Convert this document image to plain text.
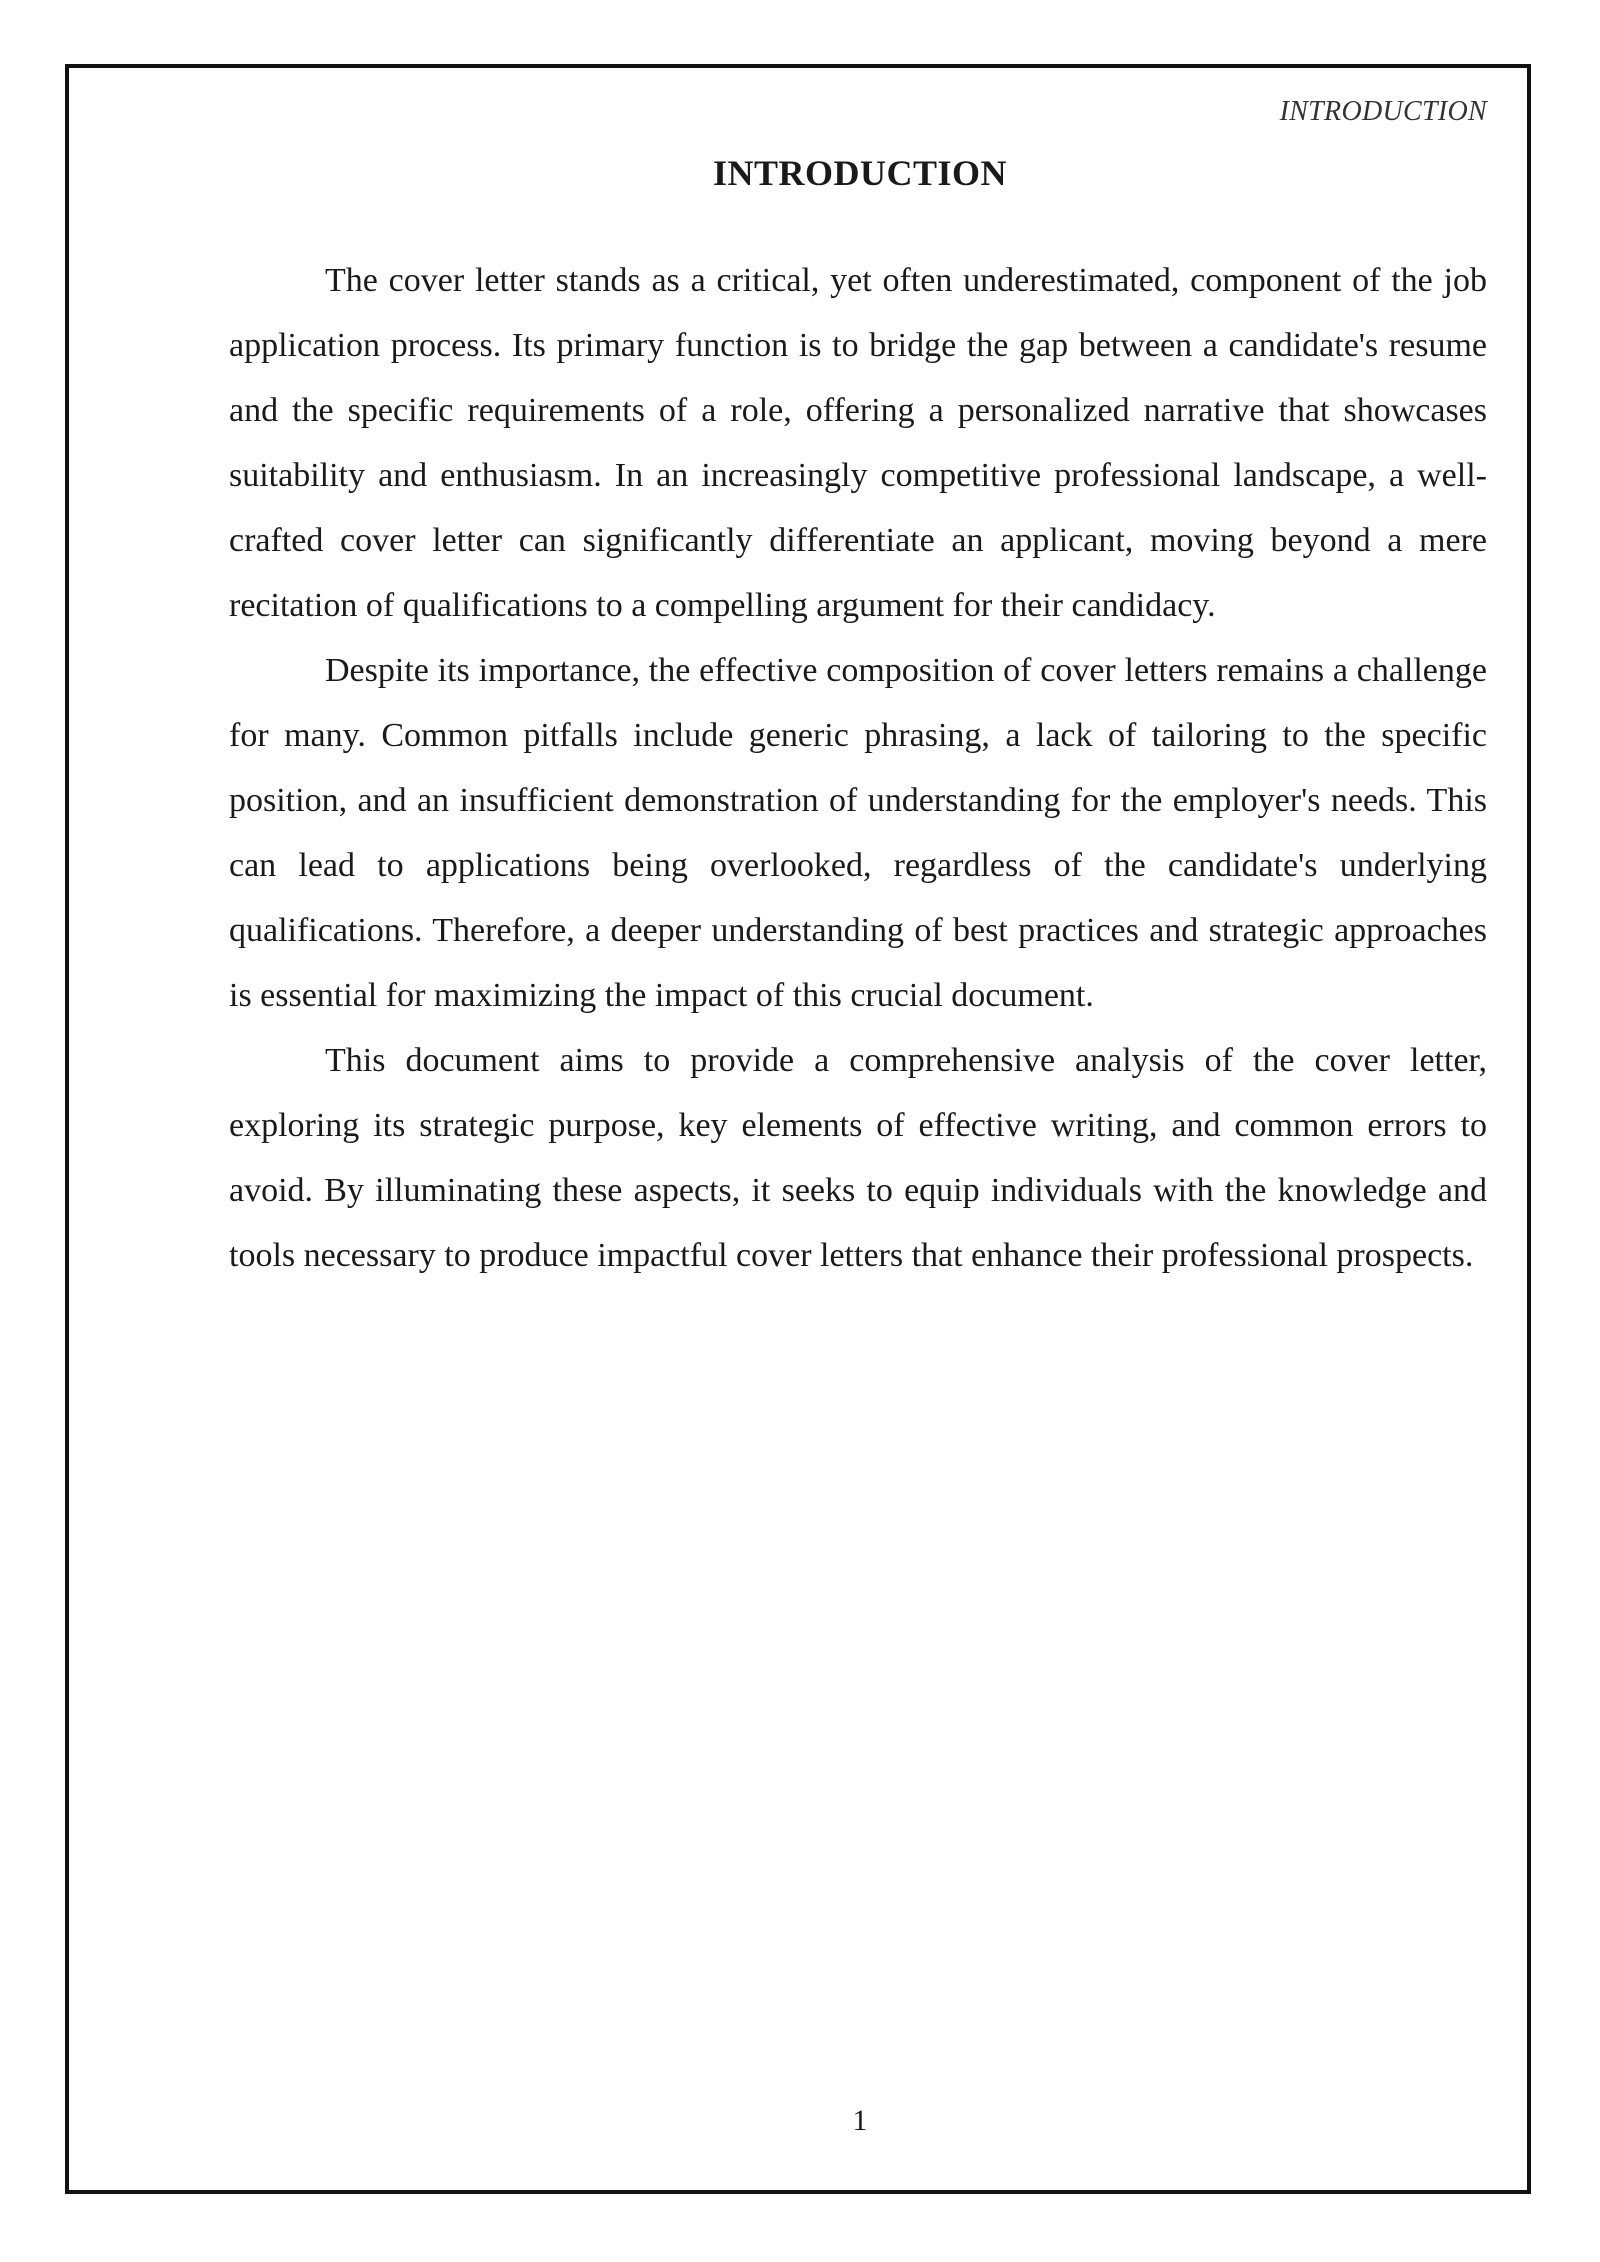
INTRODUCTION
INTRODUCTION

The cover letter stands as a critical, yet often underestimated, component of the job application process. Its primary function is to bridge the gap between a candidate's resume and the specific requirements of a role, offering a personalized narrative that showcases suitability and enthusiasm. In an increasingly competitive professional landscape, a well-crafted cover letter can significantly differentiate an applicant, moving beyond a mere recitation of qualifications to a compelling argument for their candidacy.

Despite its importance, the effective composition of cover letters remains a challenge for many. Common pitfalls include generic phrasing, a lack of tailoring to the specific position, and an insufficient demonstration of understanding for the employer's needs. This can lead to applications being overlooked, regardless of the candidate's underlying qualifications. Therefore, a deeper understanding of best practices and strategic approaches is essential for maximizing the impact of this crucial document.

This document aims to provide a comprehensive analysis of the cover letter, exploring its strategic purpose, key elements of effective writing, and common errors to avoid. By illuminating these aspects, it seeks to equip individuals with the knowledge and tools necessary to produce impactful cover letters that enhance their professional prospects.

1
